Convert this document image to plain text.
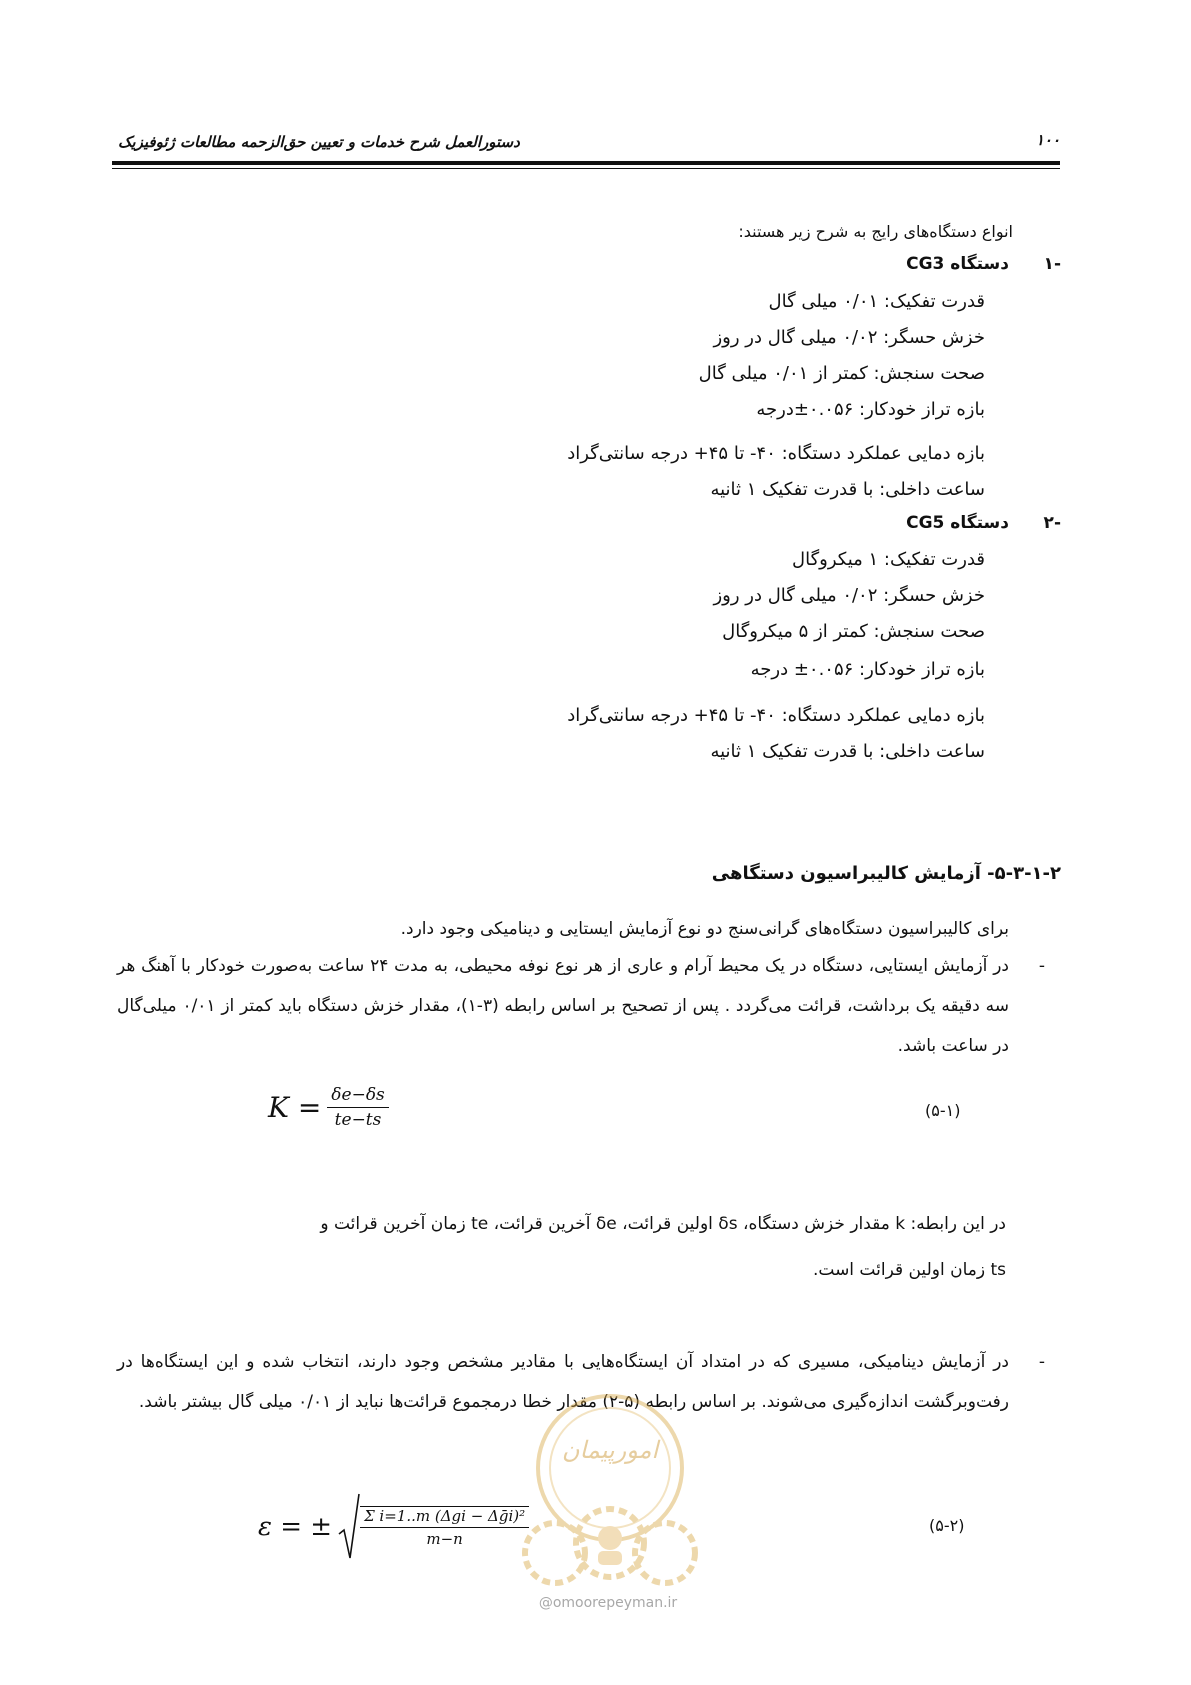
دستورالعمل شرح خدمات و تعیین حق‌الزحمه مطالعات ژئوفیزیک	۱۰۰
انواع دستگاه‌های رایج به شرح زیر هستند:
-۱
دستگاه CG3
قدرت تفکیک: ۰/۰۱ میلی گال
خزش حسگر: ۰/۰۲ میلی گال در روز
صحت سنجش: کمتر از ۰/۰۱ میلی گال
بازه تراز خودکار: ۰.۰۵۶±درجه
بازه دمایی عملکرد دستگاه: ۴۰- تا ۴۵+ درجه سانتی‌گراد
ساعت داخلی: با قدرت تفکیک ۱ ثانیه
-۲
دستگاه CG5
قدرت تفکیک: ۱ میکروگال
خزش حسگر: ۰/۰۲ میلی گال در روز
صحت سنجش: کمتر از ۵ میکروگال
بازه تراز خودکار: ۰.۰۵۶± درجه
بازه دمایی عملکرد دستگاه: ۴۰- تا ۴۵+ درجه سانتی‌گراد
ساعت داخلی: با قدرت تفکیک ۱ ثانیه
۵-۳-۱-۲- آزمایش کالیبراسیون دستگاهی
برای کالیبراسیون دستگاه‌های گرانی‌سنج دو نوع آزمایش ایستایی و دینامیکی وجود دارد.
-
در آزمایش ایستایی، دستگاه در یک محیط آرام و عاری از هر نوع نوفه محیطی، به مدت ۲۴ ساعت به‌صورت خودکار با آهنگ هر سه دقیقه یک برداشت، قرائت می‌گردد . پس از تصحیح بر اساس رابطه (۳-۱)، مقدار خزش دستگاه باید کمتر از ۰/۰۱ میلی‌گال در ساعت باشد.
$K = \frac{\delta e-\delta s}{te-ts}$	(۵-۱)
در این رابطه: k مقدار خزش دستگاه، δs اولین قرائت، δe آخرین قرائت، te زمان آخرین قرائت و
ts زمان اولین قرائت است.
-
در آزمایش دینامیکی، مسیری که در امتداد آن ایستگاه‌هایی با مقادیر مشخص وجود دارند، انتخاب شده و این ایستگاه‌ها در رفت‌وبرگشت اندازه‌گیری می‌شوند. بر اساس رابطه (۵-۲) مقدار خطا درمجموع قرائت‌ها نباید از ۰/۰۱ میلی گال بیشتر باشد.
ε = ± $\frac{\text{Σ i=1..m (Δgi − Δḡi)²}}{m-n}$	(۵-۲)
امورپیمان
@omoorepeyman.ir
